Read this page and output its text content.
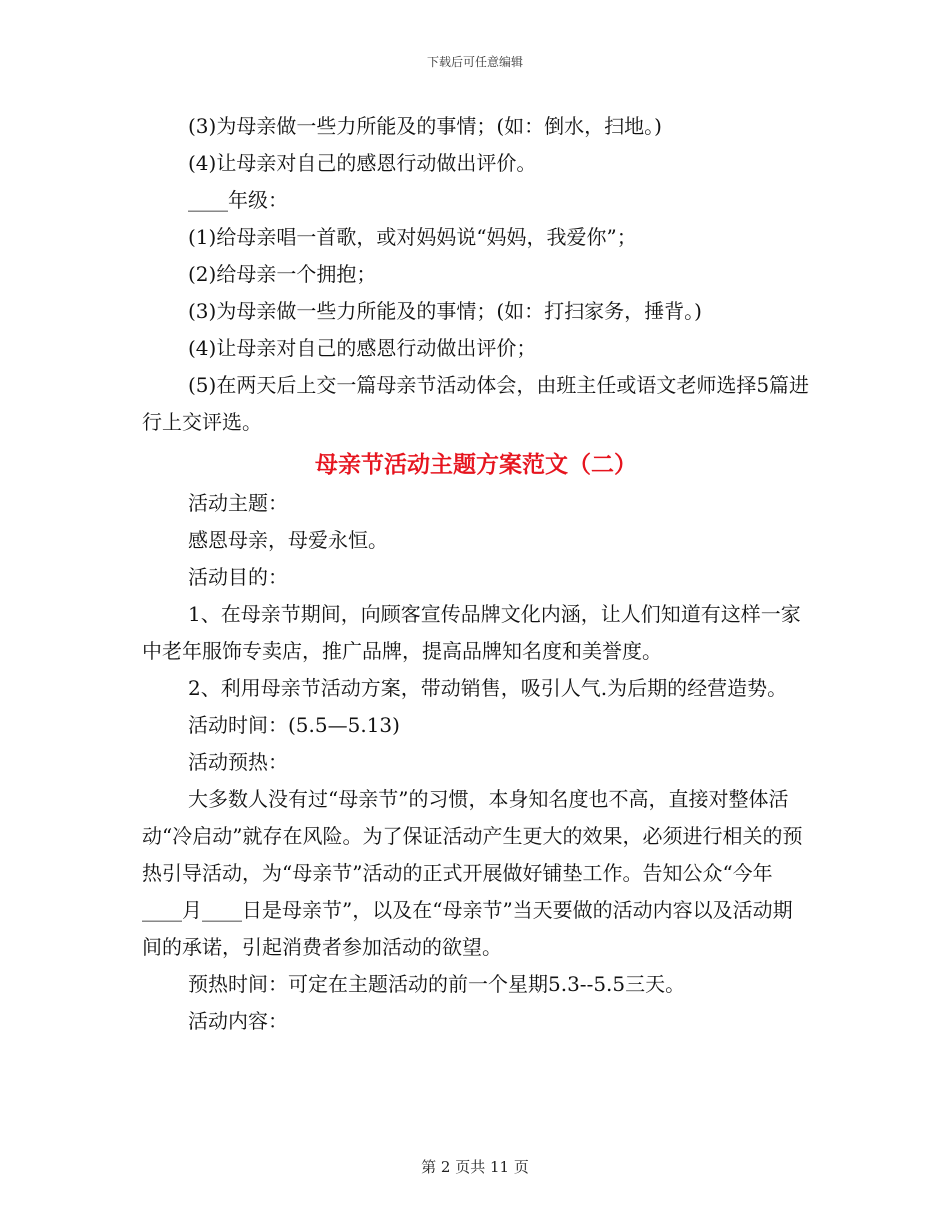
下载后可任意编辑

(3)为母亲做一些力所能及的事情；(如：倒水，扫地。)

(4)让母亲对自己的感恩行动做出评价。

____年级：

(1)给母亲唱一首歌，或对妈妈说“妈妈，我爱你”；

(2)给母亲一个拥抱；

(3)为母亲做一些力所能及的事情；(如：打扫家务，捶背。)

(4)让母亲对自己的感恩行动做出评价；

(5)在两天后上交一篇母亲节活动体会，由班主任或语文老师选择5篇进行上交评选。

母亲节活动主题方案范文（二）

活动主题：

感恩母亲，母爱永恒。

活动目的：

1、在母亲节期间，向顾客宣传品牌文化内涵，让人们知道有这样一家中老年服饰专卖店，推广品牌，提高品牌知名度和美誉度。

2、利用母亲节活动方案，带动销售，吸引人气.为后期的经营造势。

活动时间：(5.5—5.13)

活动预热：

大多数人没有过“母亲节”的习惯，本身知名度也不高，直接对整体活动“冷启动”就存在风险。为了保证活动产生更大的效果，必须进行相关的预热引导活动，为“母亲节”活动的正式开展做好铺垫工作。告知公众“今年____月____日是母亲节”，以及在“母亲节”当天要做的活动内容以及活动期间的承诺，引起消费者参加活动的欲望。

预热时间：可定在主题活动的前一个星期5.3--5.5三天。

活动内容：

第 2 页共 11 页
